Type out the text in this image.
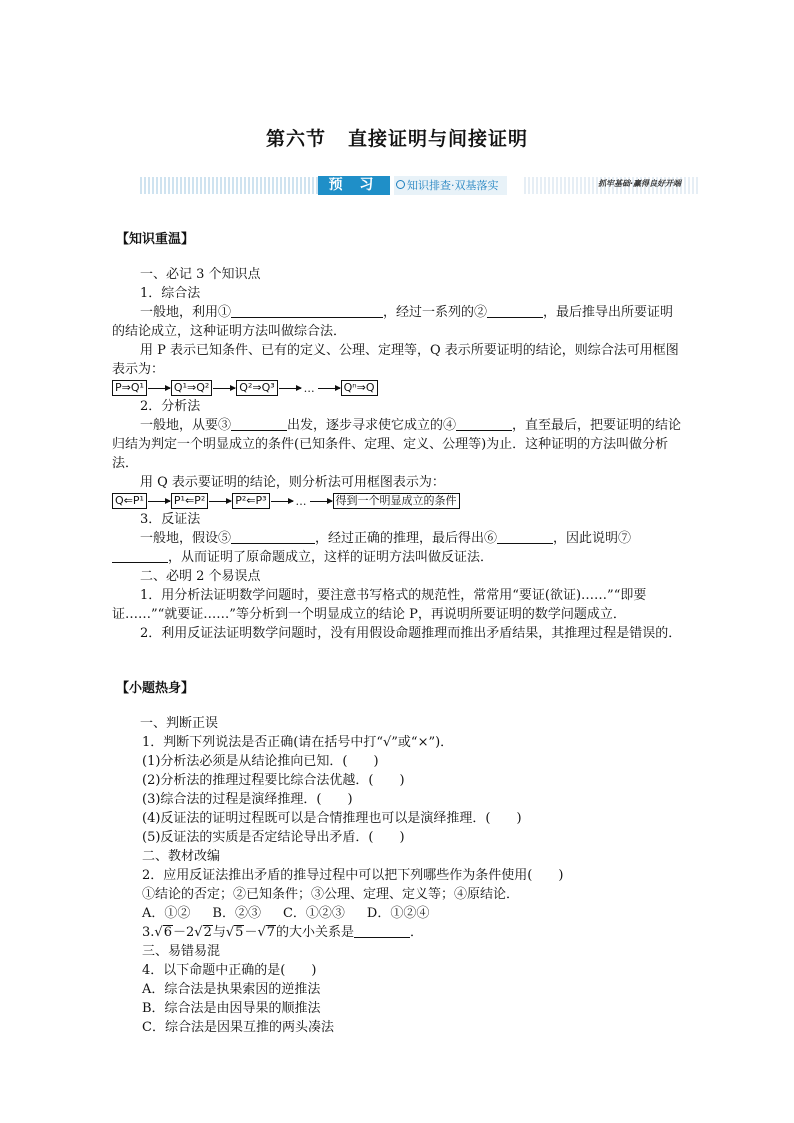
第六节 直接证明与间接证明
预 习	知识排查·双基落实	抓牢基础·赢得良好开端

【知识重温】

一、必记 3 个知识点

1．综合法

一般地，利用①	，经过一系列的②	，最后推导出所要证明的结论成立，这种证明方法叫做综合法．

用 P 表示已知条件、已有的定义、公理、定理等，Q 表示所要证明的结论，则综合法可用框图表示为：

P⇒Q¹	Q¹⇒Q²	Q²⇒Q³	…	Qⁿ⇒Q

2．分析法

一般地，从要③	出发，逐步寻求使它成立的④	，直至最后，把要证明的结论归结为判定一个明显成立的条件(已知条件、定理、定义、公理等)为止．这种证明的方法叫做分析法．

用 Q 表示要证明的结论，则分析法可用框图表示为：

Q⇐P¹	P¹⇐P²	P²⇐P³	…	得到一个明显成立的条件

3．反证法

一般地，假设⑤	，经过正确的推理，最后得出⑥	，因此说明⑦，从而证明了原命题成立，这样的证明方法叫做反证法．

二、必明 2 个易误点

1．用分析法证明数学问题时，要注意书写格式的规范性，常常用“要证(欲证)……”“即要证……”“就要证……”等分析到一个明显成立的结论 P，再说明所要证明的数学问题成立．

2．利用反证法证明数学问题时，没有用假设命题推理而推出矛盾结果，其推理过程是错误的．

【小题热身】

一、判断正误

1．判断下列说法是否正确(请在括号中打“√”或“×”)．

(1)分析法必须是从结论推向已知．(　　)

(2)分析法的推理过程要比综合法优越．(　　)

(3)综合法的过程是演绎推理．(　　)

(4)反证法的证明过程既可以是合情推理也可以是演绎推理．(　　)

(5)反证法的实质是否定结论导出矛盾．(　　)

二、教材改编

2．应用反证法推出矛盾的推导过程中可以把下列哪些作为条件使用(　　)

①结论的否定；②已知条件；③公理、定理、定义等；④原结论．

A．①② B．②③ C．①②③ D．①②④

3.√6－2√2与√5－√7的大小关系是	．

三、易错易混

4．以下命题中正确的是(　　)

A．综合法是执果索因的逆推法

B．综合法是由因导果的顺推法

C．综合法是因果互推的两头凑法
